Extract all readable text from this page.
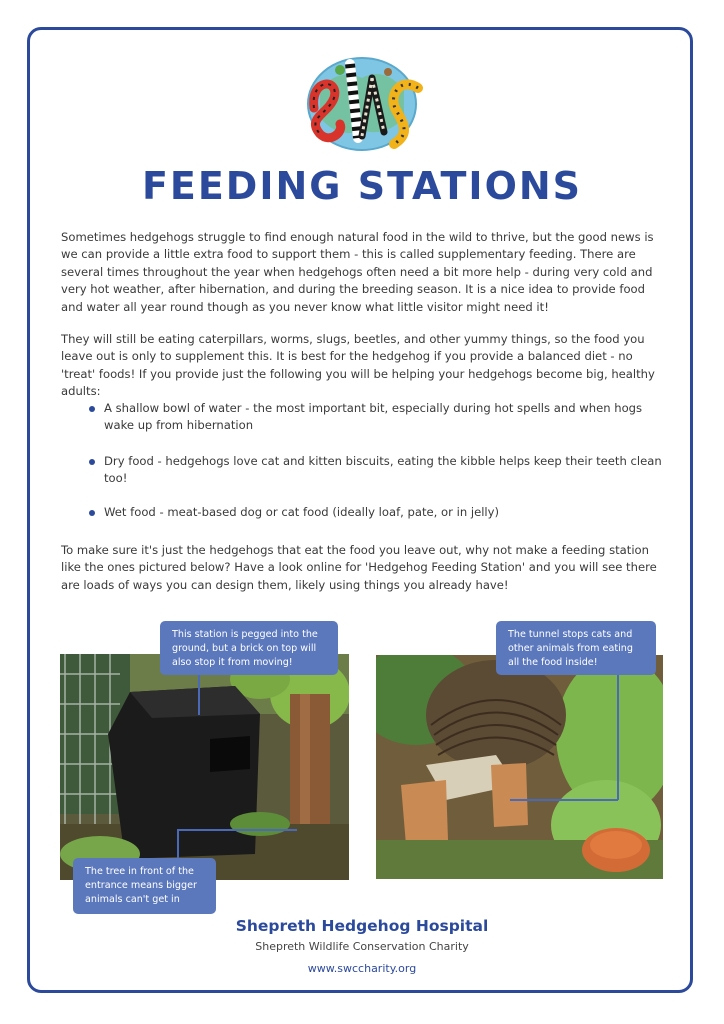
FEEDING STATIONS

Sometimes hedgehogs struggle to find enough natural food in the wild to thrive, but the good news is we can provide a little extra food to support them - this is called supplementary feeding. There are several times throughout the year when hedgehogs often need a bit more help - during very cold and very hot weather, after hibernation, and during the breeding season. It is a nice idea to provide food and water all year round though as you never know what little visitor might need it!

They will still be eating caterpillars, worms, slugs, beetles, and other yummy things, so the food you leave out is only to supplement this. It is best for the hedgehog if you provide a balanced diet - no 'treat' foods! If you provide just the following you will be helping your hedgehogs become big, healthy adults:

A shallow bowl of water - the most important bit, especially during hot spells and when hogs wake up from hibernation
Dry food - hedgehogs love cat and kitten biscuits, eating the kibble helps keep their teeth clean too!
Wet food - meat-based dog or cat food (ideally loaf, pate, or in jelly)

To make sure it's just the hedgehogs that eat the food you leave out, why not make a feeding station like the ones pictured below? Have a look online for 'Hedgehog Feeding Station' and you will see there are loads of ways you can design them, likely using things you already have!

This station is pegged into the ground, but a brick on top will also stop it from moving!
The tunnel stops cats and other animals from eating all the food inside!
The tree in front of the entrance means bigger animals can't get in
Shepreth Hedgehog Hospital
Shepreth Wildlife Conservation Charity
www.swccharity.org
